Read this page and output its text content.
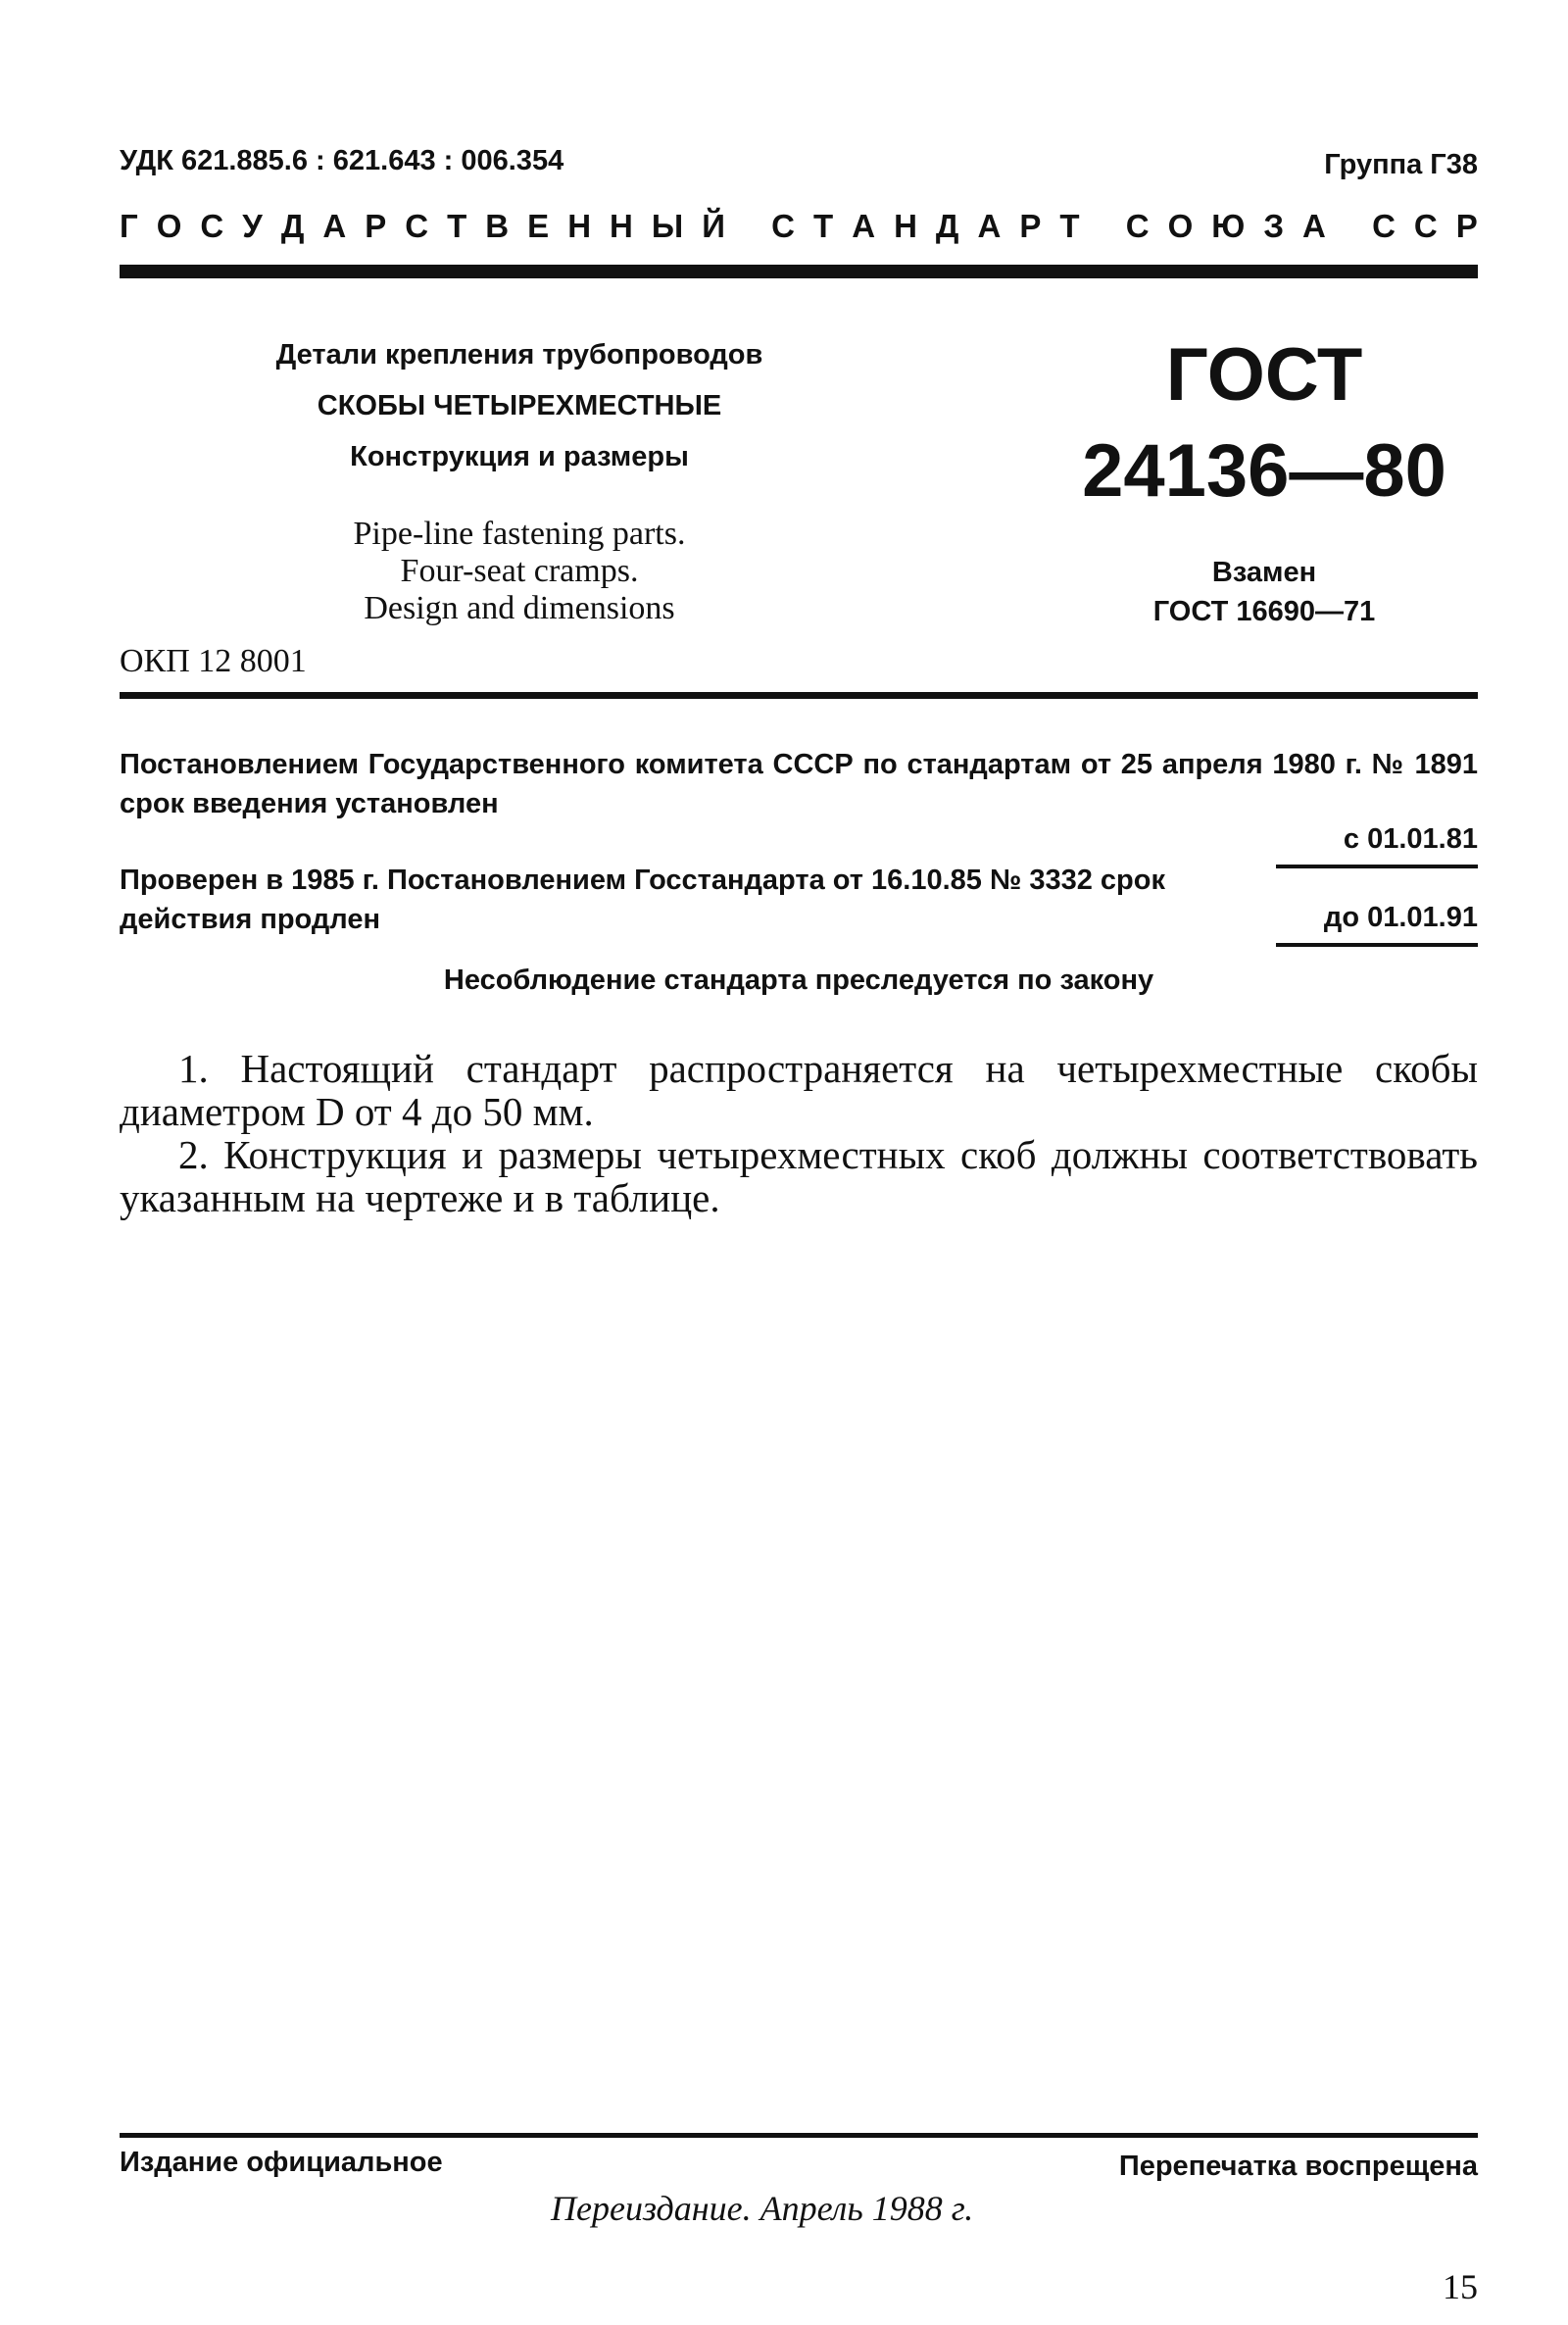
УДК 621.885.6 : 621.643 : 006.354	Группа Г38
Г О С У Д А Р С Т В Е Н Н Ы Й
С Т А Н Д А Р Т
С О Ю З А
С С Р
Детали крепления трубопроводов
СКОБЫ ЧЕТЫРЕХМЕСТНЫЕ
Конструкция и размеры
Pipe-line fastening parts.
Four-seat cramps.
Design and dimensions
ГОСТ
24136—80
Взамен
ГОСТ 16690—71
ОКП 12 8001
Постановлением Государственного комитета СССР по стандартам от 25 апреля 1980 г. № 1891 срок введения установлен
с 01.01.81
Проверен в 1985 г. Постановлением Госстандарта от 16.10.85 № 3332 срок действия продлен	до 01.01.91
Несоблюдение стандарта преследуется по закону

1. Настоящий стандарт распространяется на четырехместные скобы диаметром D от 4 до 50 мм.

2. Конструкция и размеры четырехместных скоб должны соответствовать указанным на чертеже и в таблице.

Издание официальное	Перепечатка воспрещена
Переиздание. Апрель 1988 г.
15
